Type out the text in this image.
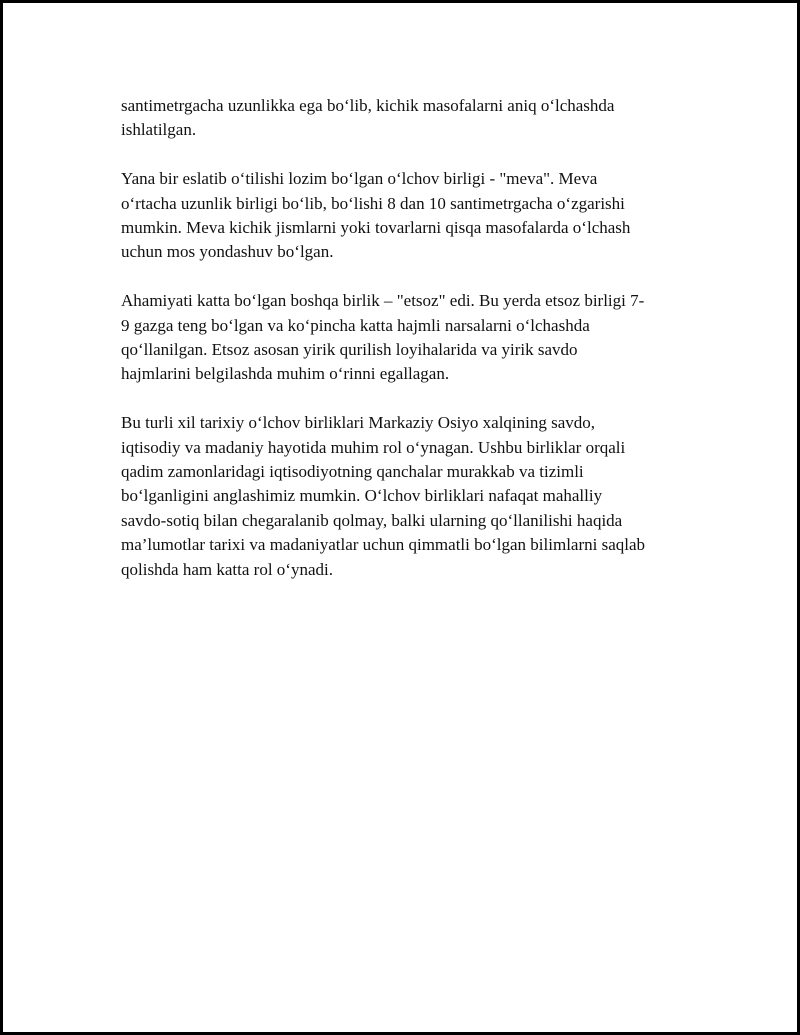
santimetrgacha uzunlikka ega bo‘lib, kichik masofalarni aniq o‘lchashda
ishlatilgan.

Yana bir eslatib o‘tilishi lozim bo‘lgan o‘lchov birligi - "meva". Meva
o‘rtacha uzunlik birligi bo‘lib, bo‘lishi 8 dan 10 santimetrgacha o‘zgarishi
mumkin. Meva kichik jismlarni yoki tovarlarni qisqa masofalarda o‘lchash
uchun mos yondashuv bo‘lgan.

Ahamiyati katta bo‘lgan boshqa birlik – "etsoz" edi. Bu yerda etsoz birligi 7-
9 gazga teng bo‘lgan va ko‘pincha katta hajmli narsalarni o‘lchashda
qo‘llanilgan. Etsoz asosan yirik qurilish loyihalarida va yirik savdo
hajmlarini belgilashda muhim o‘rinni egallagan.

Bu turli xil tarixiy o‘lchov birliklari Markaziy Osiyo xalqining savdo,
iqtisodiy va madaniy hayotida muhim rol o‘ynagan. Ushbu birliklar orqali
qadim zamonlaridagi iqtisodiyotning qanchalar murakkab va tizimli
bo‘lganligini anglashimiz mumkin. O‘lchov birliklari nafaqat mahalliy
savdo-sotiq bilan chegaralanib qolmay, balki ularning qo‘llanilishi haqida
ma’lumotlar tarixi va madaniyatlar uchun qimmatli bo‘lgan bilimlarni saqlab
qolishda ham katta rol o‘ynadi.
